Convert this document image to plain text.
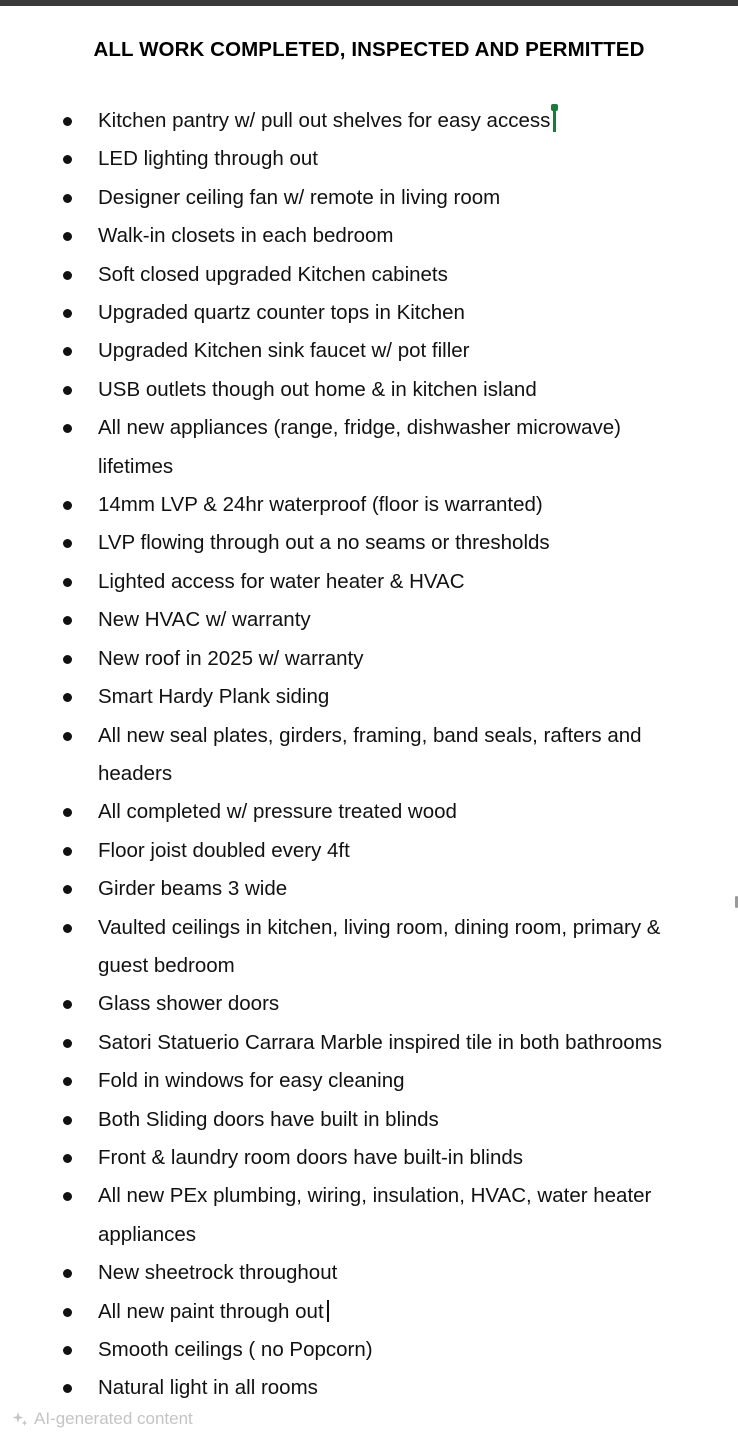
ALL WORK COMPLETED, INSPECTED AND PERMITTED
Kitchen pantry w/ pull out shelves for easy access
LED lighting through out
Designer ceiling fan w/ remote in living room
Walk-in closets in each bedroom
Soft closed upgraded Kitchen cabinets
Upgraded quartz counter tops in Kitchen
Upgraded Kitchen sink faucet w/ pot filler
USB outlets though out home & in kitchen island
All new appliances (range, fridge, dishwasher microwave)
lifetimes
14mm LVP & 24hr waterproof (floor is warranted)
LVP flowing through out a no seams or thresholds
Lighted access for water heater & HVAC
New HVAC w/ warranty
New roof in 2025 w/ warranty
Smart Hardy Plank siding
All new seal plates, girders, framing, band seals, rafters and
headers
All completed w/ pressure treated wood
Floor joist doubled every 4ft
Girder beams 3 wide
Vaulted ceilings in kitchen, living room, dining room, primary &
guest bedroom
Glass shower doors
Satori Statuerio Carrara Marble inspired tile in both bathrooms
Fold in windows for easy cleaning
Both Sliding doors have built in blinds
Front & laundry room doors have built-in blinds
All new PEx plumbing, wiring, insulation, HVAC, water heater
appliances
New sheetrock throughout
All new paint through out
Smooth ceilings ( no Popcorn)
Natural light in all rooms
AI-generated content
